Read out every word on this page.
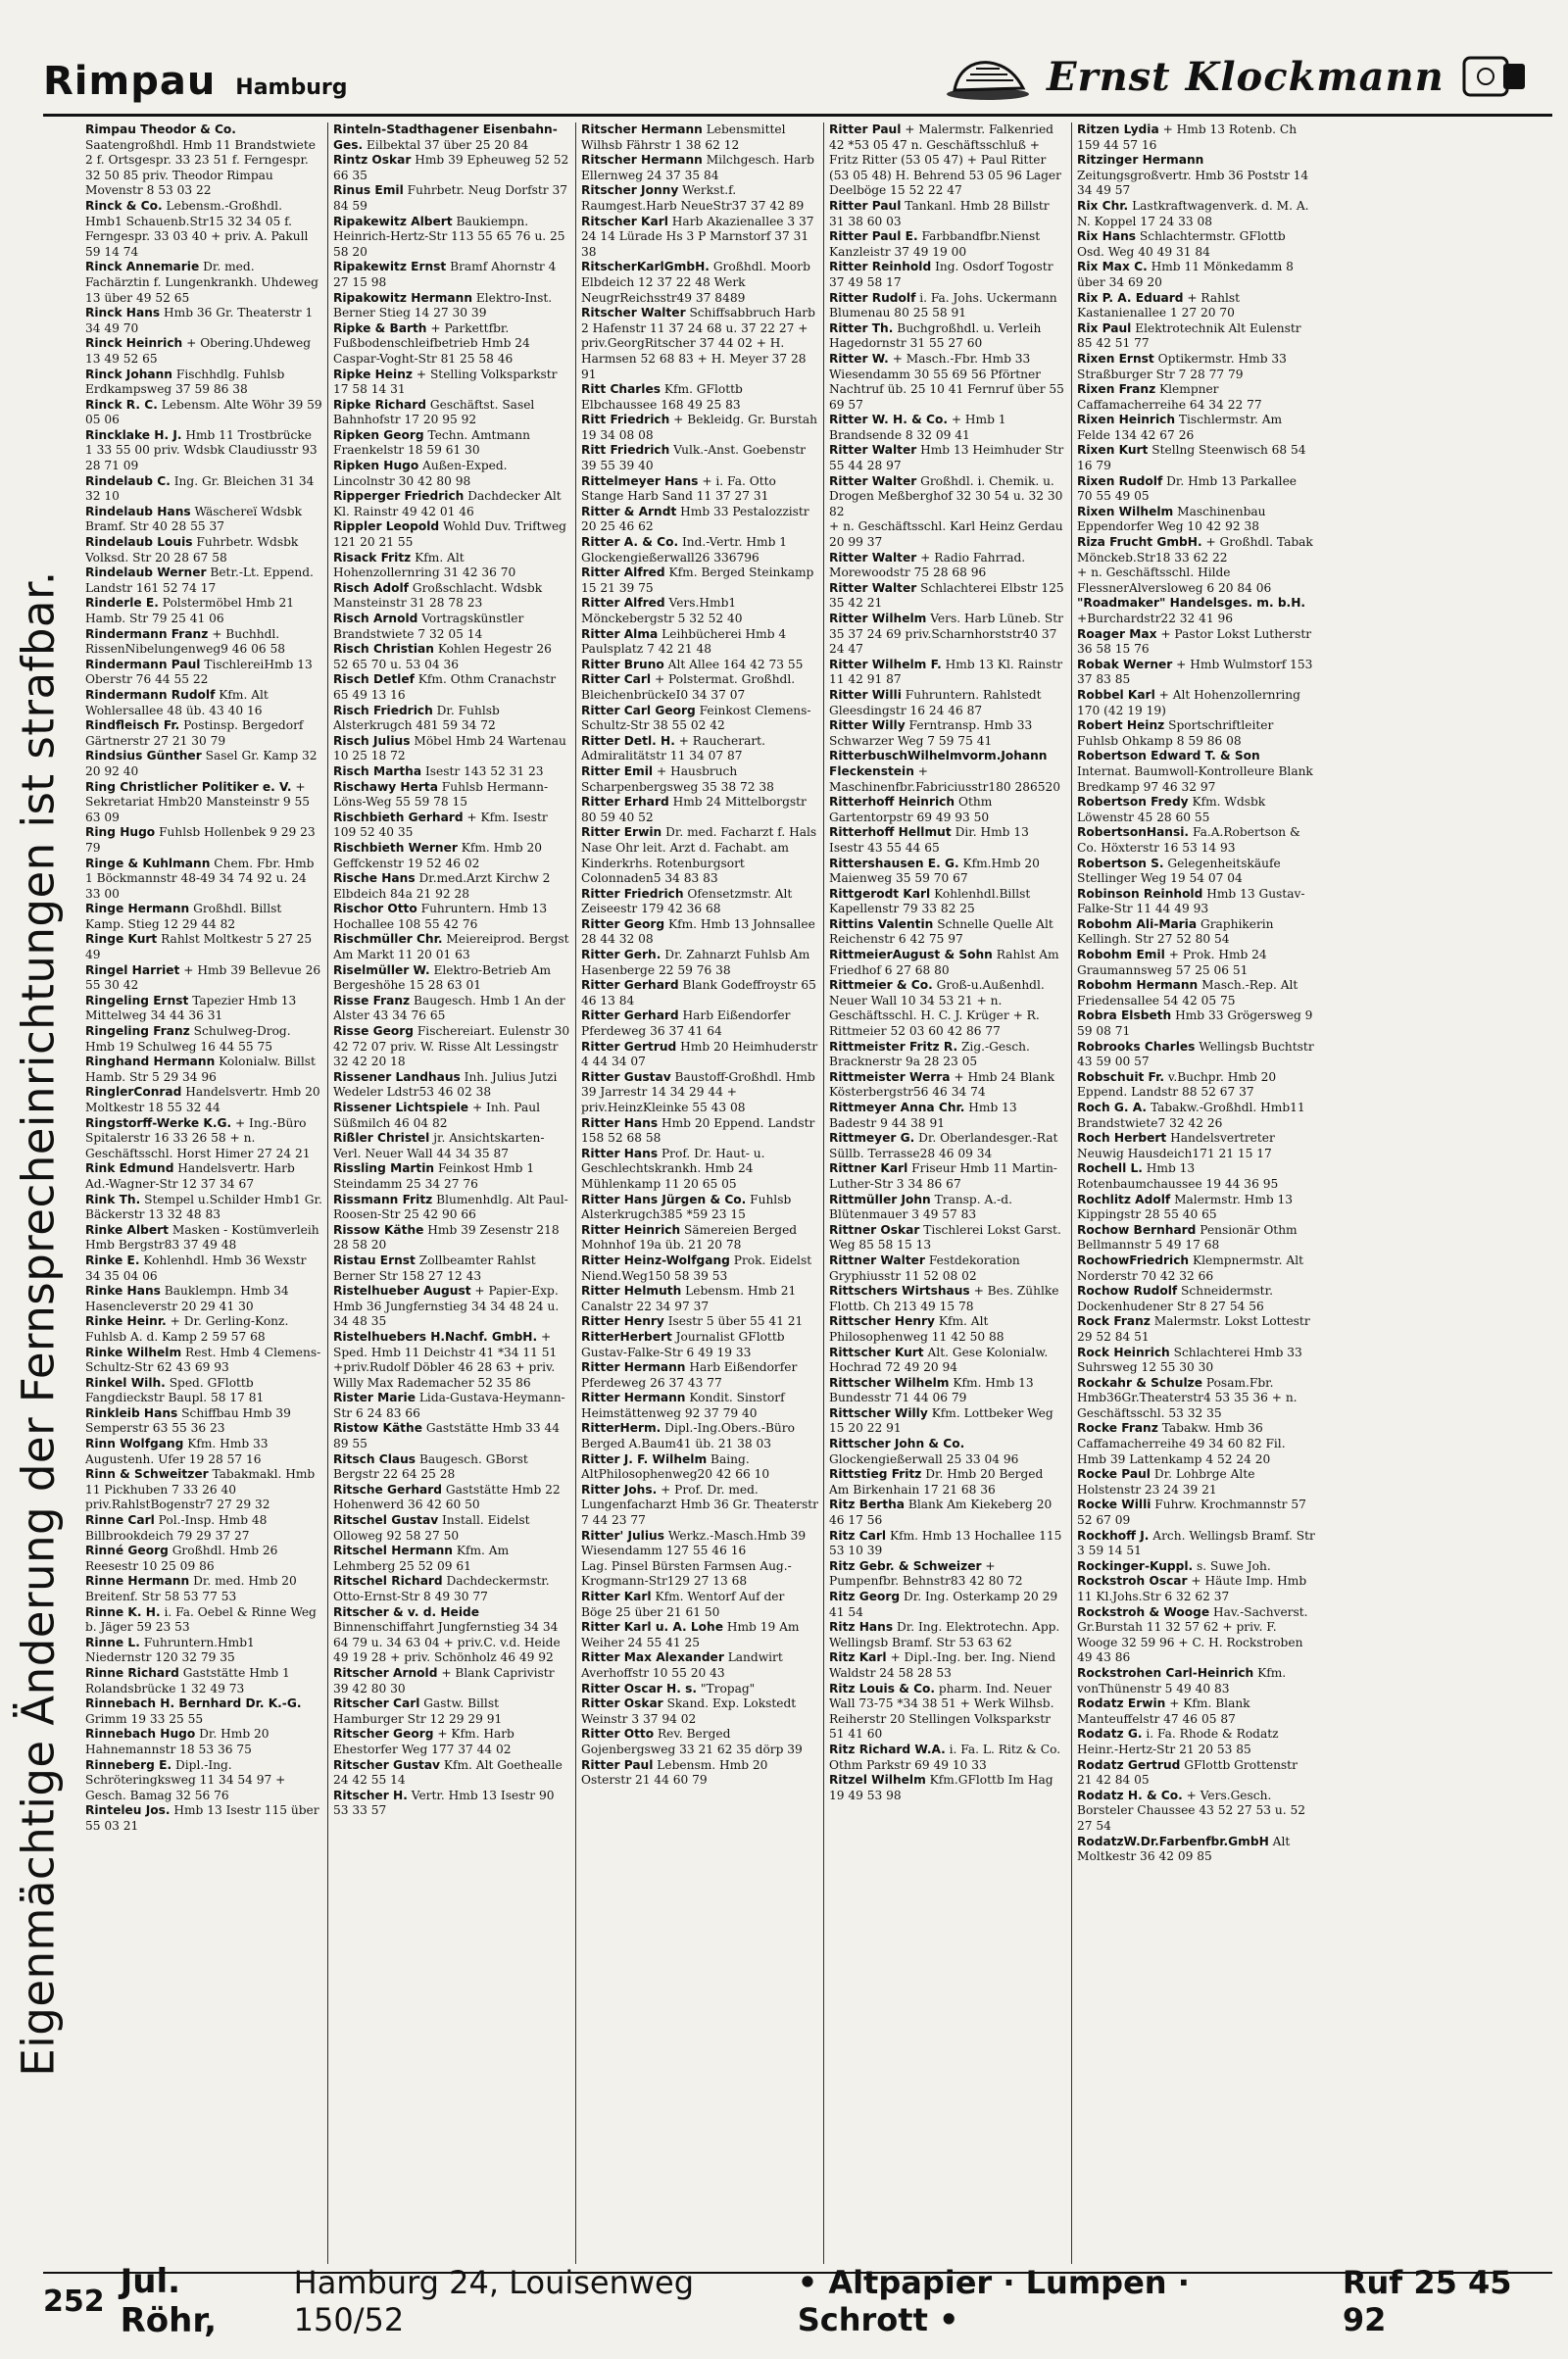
Rimpau Hamburg	Ernst Klockmann
Eigenmächtige Änderung der Fernsprecheinrichtungen ist strafbar.

Rimpau Theodor & Co. Saatengroßhdl. Hmb 11 Brandstwiete 2 f. Ortsgespr. 33 23 51 f. Ferngespr. 32 50 85 priv. Theodor Rimpau Movenstr 8 53 03 22

Rinck & Co. Lebensm.-Großhdl. Hmb1 Schauenb.Str15 32 34 05 f. Ferngespr. 33 03 40 + priv. A. Pakull 59 14 74

Rinck Annemarie Dr. med. Fachärztin f. Lungenkrankh. Uhdeweg 13 über 49 52 65

Rinck Hans Hmb 36 Gr. Theaterstr 1 34 49 70

Rinck Heinrich + Obering.Uhdeweg 13 49 52 65

Rinck Johann Fischhdlg. Fuhlsb Erdkampsweg 37 59 86 38

Rinck R. C. Lebensm. Alte Wöhr 39 59 05 06

Rincklake H. J. Hmb 11 Trostbrücke 1 33 55 00 priv. Wdsbk Claudiusstr 93 28 71 09

Rindelaub C. Ing. Gr. Bleichen 31 34 32 10

Rindelaub Hans Wäschereï Wdsbk Bramf. Str 40 28 55 37

Rindelaub Louis Fuhrbetr. Wdsbk Volksd. Str 20 28 67 58

Rindelaub Werner Betr.-Lt. Eppend. Landstr 161 52 74 17

Rinderle E. Polstermöbel Hmb 21 Hamb. Str 79 25 41 06

Rindermann Franz + Buchhdl. RissenNibelungenweg9 46 06 58

Rindermann Paul TischlereiHmb 13 Oberstr 76 44 55 22

Rindermann Rudolf Kfm. Alt Wohlersallee 48 üb. 43 40 16

Rindfleisch Fr. Postinsp. Bergedorf Gärtnerstr 27 21 30 79

Rindsius Günther Sasel Gr. Kamp 32 20 92 40

Ring Christlicher Politiker e. V. + Sekretariat Hmb20 Mansteinstr 9 55 63 09

Ring Hugo Fuhlsb Hollenbek 9 29 23 79

Ringe & Kuhlmann Chem. Fbr. Hmb 1 Böckmannstr 48-49 34 74 92 u. 24 33 00

Ringe Hermann Großhdl. Billst Kamp. Stieg 12 29 44 82

Ringe Kurt Rahlst Moltkestr 5 27 25 49

Ringel Harriet + Hmb 39 Bellevue 26 55 30 42

Ringeling Ernst Tapezier Hmb 13 Mittelweg 34 44 36 31

Ringeling Franz Schulweg-Drog. Hmb 19 Schulweg 16 44 55 75

Ringhand Hermann Kolonialw. Billst Hamb. Str 5 29 34 96

RinglerConrad Handelsvertr. Hmb 20 Moltkestr 18 55 32 44

Ringstorff-Werke K.G. + Ing.-Büro Spitalerstr 16 33 26 58 + n. Geschäftsschl. Horst Himer 27 24 21

Rink Edmund Handelsvertr. Harb Ad.-Wagner-Str 12 37 34 67

Rink Th. Stempel u.Schilder Hmb1 Gr. Bäckerstr 13 32 48 83

Rinke Albert Masken - Kostümverleih Hmb Bergstr83 37 49 48

Rinke E. Kohlenhdl. Hmb 36 Wexstr 34 35 04 06

Rinke Hans Bauklempn. Hmb 34 Hasencleverstr 20 29 41 30

Rinke Heinr. + Dr. Gerling-Konz. Fuhlsb A. d. Kamp 2 59 57 68

Rinke Wilhelm Rest. Hmb 4 Clemens-Schultz-Str 62 43 69 93

Rinkel Wilh. Sped. GFlottb Fangdieckstr Baupl. 58 17 81

Rinkleib Hans Schiffbau Hmb 39 Semperstr 63 55 36 23

Rinn Wolfgang Kfm. Hmb 33 Augustenh. Ufer 19 28 57 16

Rinn & Schweitzer Tabakmakl. Hmb 11 Pickhuben 7 33 26 40 priv.RahlstBogenstr7 27 29 32

Rinne Carl Pol.-Insp. Hmb 48 Billbrookdeich 79 29 37 27

Rinné Georg Großhdl. Hmb 26 Reesestr 10 25 09 86

Rinne Hermann Dr. med. Hmb 20 Breitenf. Str 58 53 77 53

Rinne K. H. i. Fa. Oebel & Rinne Weg b. Jäger 59 23 53

Rinne L. Fuhruntern.Hmb1 Niedernstr 120 32 79 35

Rinne Richard Gaststätte Hmb 1 Rolandsbrücke 1 32 49 73

Rinnebach H. Bernhard Dr. K.-G. Grimm 19 33 25 55

Rinnebach Hugo Dr. Hmb 20 Hahnemannstr 18 53 36 75

Rinneberg E. Dipl.-Ing. Schröteringksweg 11 34 54 97 + Gesch. Bamag 32 56 76

Rinteleu Jos. Hmb 13 Isestr 115 über 55 03 21

Rinteln-Stadthagener Eisenbahn-Ges. Eilbektal 37 über 25 20 84

Rintz Oskar Hmb 39 Epheuweg 52 52 66 35

Rinus Emil Fuhrbetr. Neug Dorfstr 37 84 59

Ripakewitz Albert Baukiempn. Heinrich-Hertz-Str 113 55 65 76 u. 25 58 20

Ripakewitz Ernst Bramf Ahornstr 4 27 15 98

Ripakowitz Hermann Elektro-Inst. Berner Stieg 14 27 30 39

Ripke & Barth + Parkettfbr. Fußbodenschleifbetrieb Hmb 24 Caspar-Voght-Str 81 25 58 46

Ripke Heinz + Stelling Volksparkstr 17 58 14 31

Ripke Richard Geschäftst. Sasel Bahnhofstr 17 20 95 92

Ripken Georg Techn. Amtmann Fraenkelstr 18 59 61 30

Ripken Hugo Außen-Exped. Lincolnstr 30 42 80 98

Ripperger Friedrich Dachdecker Alt Kl. Rainstr 49 42 01 46

Rippler Leopold Wohld Duv. Triftweg 121 20 21 55

Risack Fritz Kfm. Alt Hohenzollernring 31 42 36 70

Risch Adolf Großschlacht. Wdsbk Mansteinstr 31 28 78 23

Risch Arnold Vortragskünstler Brandstwiete 7 32 05 14

Risch Christian Kohlen Hegestr 26 52 65 70 u. 53 04 36

Risch Detlef Kfm. Othm Cranachstr 65 49 13 16

Risch Friedrich Dr. Fuhlsb Alsterkrugch 481 59 34 72

Risch Julius Möbel Hmb 24 Wartenau 10 25 18 72

Risch Martha Isestr 143 52 31 23

Rischawy Herta Fuhlsb Hermann-Löns-Weg 55 59 78 15

Rischbieth Gerhard + Kfm. Isestr 109 52 40 35

Rischbieth Werner Kfm. Hmb 20 Geffckenstr 19 52 46 02

Rische Hans Dr.med.Arzt Kirchw 2 Elbdeich 84a 21 92 28

Rischor Otto Fuhruntern. Hmb 13 Hochallee 108 55 42 76

Rischmüller Chr. Meiereiprod. Bergst Am Markt 11 20 01 63

Riselmüller W. Elektro-Betrieb Am Bergeshöhe 15 28 63 01

Risse Franz Baugesch. Hmb 1 An der Alster 43 34 76 65

Risse Georg Fischereiart. Eulenstr 30 42 72 07 priv. W. Risse Alt Lessingstr 32 42 20 18

Rissener Landhaus Inh. Julius Jutzi Wedeler Ldstr53 46 02 38

Rissener Lichtspiele + Inh. Paul Süßmilch 46 04 82

Rißler Christel jr. Ansichtskarten-Verl. Neuer Wall 44 34 35 87

Rissling Martin Feinkost Hmb 1 Steindamm 25 34 27 76

Rissmann Fritz Blumenhdlg. Alt Paul-Roosen-Str 25 42 90 66

Rissow Käthe Hmb 39 Zesenstr 218 28 58 20

Ristau Ernst Zollbeamter Rahlst Berner Str 158 27 12 43

Ristelhueber August + Papier-Exp. Hmb 36 Jungfernstieg 34 34 48 24 u. 34 48 35

Ristelhuebers H.Nachf. GmbH. + Sped. Hmb 11 Deichstr 41 *34 11 51

+priv.Rudolf Döbler 46 28 63 + priv. Willy Max Rademacher 52 35 86

Rister Marie Lida-Gustava-Heymann-Str 6 24 83 66

Ristow Käthe Gaststätte Hmb 33 44 89 55

Ritsch Claus Baugesch. GBorst Bergstr 22 64 25 28

Ritsche Gerhard Gaststätte Hmb 22 Hohenwerd 36 42 60 50

Ritschel Gustav Install. Eidelst Olloweg 92 58 27 50

Ritschel Hermann Kfm. Am Lehmberg 25 52 09 61

Ritschel Richard Dachdeckermstr. Otto-Ernst-Str 8 49 30 77

Ritscher & v. d. Heide Binnenschiffahrt Jungfernstieg 34 34 64 79 u. 34 63 04 + priv.C. v.d. Heide 49 19 28 + priv. Schönholz 46 49 92

Ritscher Arnold + Blank Caprivistr 39 42 80 30

Ritscher Carl Gastw. Billst Hamburger Str 12 29 29 91

Ritscher Georg + Kfm. Harb Ehestorfer Weg 177 37 44 02

Ritscher Gustav Kfm. Alt Goethealle 24 42 55 14

Ritscher H. Vertr. Hmb 13 Isestr 90 53 33 57

Ritscher Hermann Lebensmittel Wilhsb Fährstr 1 38 62 12

Ritscher Hermann Milchgesch. Harb Ellernweg 24 37 35 84

Ritscher Jonny Werkst.f. Raumgest.Harb NeueStr37 37 42 89

Ritscher Karl Harb Akazienallee 3 37 24 14 Lürade Hs 3 P Marnstorf 37 31 38

RitscherKarlGmbH. Großhdl. Moorb Elbdeich 12 37 22 48 Werk NeugrReichsstr49 37 8489

Ritscher Walter Schiffsabbruch Harb 2 Hafenstr 11 37 24 68 u. 37 22 27 + priv.GeorgRitscher 37 44 02 + H. Harmsen 52 68 83 + H. Meyer 37 28 91

Ritt Charles Kfm. GFlottb Elbchaussee 168 49 25 83

Ritt Friedrich + Bekleidg. Gr. Burstah 19 34 08 08

Ritt Friedrich Vulk.-Anst. Goebenstr 39 55 39 40

Rittelmeyer Hans + i. Fa. Otto Stange Harb Sand 11 37 27 31

Ritter & Arndt Hmb 33 Pestalozzistr 20 25 46 62

Ritter A. & Co. Ind.-Vertr. Hmb 1 Glockengießerwall26 336796

Ritter Alfred Kfm. Berged Steinkamp 15 21 39 75

Ritter Alfred Vers.Hmb1 Mönckebergstr 5 32 52 40

Ritter Alma Leihbücherei Hmb 4 Paulsplatz 7 42 21 48

Ritter Bruno Alt Allee 164 42 73 55

Ritter Carl + Polstermat. Großhdl. BleichenbrückeI0 34 37 07

Ritter Carl Georg Feinkost Clemens-Schultz-Str 38 55 02 42

Ritter Detl. H. + Raucherart. Admiralitätstr 11 34 07 87

Ritter Emil + Hausbruch Scharpenbergsweg 35 38 72 38

Ritter Erhard Hmb 24 Mittelborgstr 80 59 40 52

Ritter Erwin Dr. med. Facharzt f. Hals Nase Ohr leit. Arzt d. Fachabt. am Kinderkrhs. Rotenburgsort Colonnaden5 34 83 83

Ritter Friedrich Ofensetzmstr. Alt Zeiseestr 179 42 36 68

Ritter Georg Kfm. Hmb 13 Johnsallee 28 44 32 08

Ritter Gerh. Dr. Zahnarzt Fuhlsb Am Hasenberge 22 59 76 38

Ritter Gerhard Blank Godeffroystr 65 46 13 84

Ritter Gerhard Harb Eißendorfer Pferdeweg 36 37 41 64

Ritter Gertrud Hmb 20 Heimhuderstr 4 44 34 07

Ritter Gustav Baustoff-Großhdl. Hmb 39 Jarrestr 14 34 29 44 + priv.HeinzKleinke 55 43 08

Ritter Hans Hmb 20 Eppend. Landstr 158 52 68 58

Ritter Hans Prof. Dr. Haut- u. Geschlechtskrankh. Hmb 24 Mühlenkamp 11 20 65 05

Ritter Hans Jürgen & Co. Fuhlsb Alsterkrugch385 *59 23 15

Ritter Heinrich Sämereien Berged Mohnhof 19a üb. 21 20 78

Ritter Heinz-Wolfgang Prok. Eidelst Niend.Weg150 58 39 53

Ritter Helmuth Lebensm. Hmb 21 Canalstr 22 34 97 37

Ritter Henry Isestr 5 über 55 41 21

RitterHerbert Journalist GFlottb Gustav-Falke-Str 6 49 19 33

Ritter Hermann Harb Eißendorfer Pferdeweg 26 37 43 77

Ritter Hermann Kondit. Sinstorf Heimstättenweg 92 37 79 40

RitterHerm. Dipl.-Ing.Obers.-Büro Berged A.Baum41 üb. 21 38 03

Ritter J. F. Wilhelm Baing. AltPhilosophenweg20 42 66 10

Ritter Johs. + Prof. Dr. med. Lungenfacharzt Hmb 36 Gr. Theaterstr 7 44 23 77

Ritter' Julius Werkz.-Masch.Hmb 39 Wiesendamm 127 55 46 16

Lag. Pinsel Bürsten Farmsen Aug.-Krogmann-Str129 27 13 68

Ritter Karl Kfm. Wentorf Auf der Böge 25 über 21 61 50

Ritter Karl u. A. Lohe Hmb 19 Am Weiher 24 55 41 25

Ritter Max Alexander Landwirt Averhoffstr 10 55 20 43

Ritter Oscar H. s. "Tropag"

Ritter Oskar Skand. Exp. Lokstedt Weinstr 3 37 94 02

Ritter Otto Rev. Berged Gojenbergsweg 33 21 62 35 dörp 39

Ritter Paul Lebensm. Hmb 20 Osterstr 21 44 60 79

Ritter Paul + Malermstr. Falkenried 42 *53 05 47 n. Geschäftsschluß + Fritz Ritter (53 05 47) + Paul Ritter (53 05 48) H. Behrend 53 05 96 Lager Deelböge 15 52 22 47

Ritter Paul Tankanl. Hmb 28 Billstr 31 38 60 03

Ritter Paul E. Farbbandfbr.Nienst Kanzleistr 37 49 19 00

Ritter Reinhold Ing. Osdorf Togostr 37 49 58 17

Ritter Rudolf i. Fa. Johs. Uckermann Blumenau 80 25 58 91

Ritter Th. Buchgroßhdl. u. Verleih Hagedornstr 31 55 27 60

Ritter W. + Masch.-Fbr. Hmb 33 Wiesendamm 30 55 69 56 Pförtner Nachtruf üb. 25 10 41 Fernruf über 55 69 57

Ritter W. H. & Co. + Hmb 1 Brandsende 8 32 09 41

Ritter Walter Hmb 13 Heimhuder Str 55 44 28 97

Ritter Walter Großhdl. i. Chemik. u. Drogen Meßberghof 32 30 54 u. 32 30 82

+ n. Geschäftsschl. Karl Heinz Gerdau 20 99 37

Ritter Walter + Radio Fahrrad. Morewoodstr 75 28 68 96

Ritter Walter Schlachterei Elbstr 125 35 42 21

Ritter Wilhelm Vers. Harb Lüneb. Str 35 37 24 69 priv.Scharnhorststr40 37 24 47

Ritter Wilhelm F. Hmb 13 Kl. Rainstr 11 42 91 87

Ritter Willi Fuhruntern. Rahlstedt Gleesdingstr 16 24 46 87

Ritter Willy Ferntransp. Hmb 33 Schwarzer Weg 7 59 75 41

RitterbuschWilhelmvorm.Johann Fleckenstein + Maschinenfbr.Fabriciusstr180 286520

Ritterhoff Heinrich Othm Gartentorpstr 69 49 93 50

Ritterhoff Hellmut Dir. Hmb 13 Isestr 43 55 44 65

Rittershausen E. G. Kfm.Hmb 20 Maienweg 35 59 70 67

Rittgerodt Karl Kohlenhdl.Billst Kapellenstr 79 33 82 25

Rittins Valentin Schnelle Quelle Alt Reichenstr 6 42 75 97

RittmeierAugust & Sohn Rahlst Am Friedhof 6 27 68 80

Rittmeier & Co. Groß-u.Außenhdl. Neuer Wall 10 34 53 21 + n. Geschäftsschl. H. C. J. Krüger + R. Rittmeier 52 03 60 42 86 77

Rittmeister Fritz R. Zig.-Gesch. Bracknerstr 9a 28 23 05

Rittmeister Werra + Hmb 24 Blank Kösterbergstr56 46 34 74

Rittmeyer Anna Chr. Hmb 13 Badestr 9 44 38 91

Rittmeyer G. Dr. Oberlandesger.-Rat Süllb. Terrasse28 46 09 34

Rittner Karl Friseur Hmb 11 Martin-Luther-Str 3 34 86 67

Rittmüller John Transp. A.-d. Blütenmauer 3 49 57 83

Rittner Oskar Tischlerei Lokst Garst. Weg 85 58 15 13

Rittner Walter Festdekoration Gryphiusstr 11 52 08 02

Rittschers Wirtshaus + Bes. Zühlke Flottb. Ch 213 49 15 78

Rittscher Henry Kfm. Alt Philosophenweg 11 42 50 88

Rittscher Kurt Alt. Gese Kolonialw. Hochrad 72 49 20 94

Rittscher Wilhelm Kfm. Hmb 13 Bundesstr 71 44 06 79

Rittscher Willy Kfm. Lottbeker Weg 15 20 22 91

Rittscher John & Co. Glockengießerwall 25 33 04 96

Rittstieg Fritz Dr. Hmb 20 Berged Am Birkenhain 17 21 68 36

Ritz Bertha Blank Am Kiekeberg 20 46 17 56

Ritz Carl Kfm. Hmb 13 Hochallee 115 53 10 39

Ritz Gebr. & Schweizer + Pumpenfbr. Behnstr83 42 80 72

Ritz Georg Dr. Ing. Osterkamp 20 29 41 54

Ritz Hans Dr. Ing. Elektrotechn. App. Wellingsb Bramf. Str 53 63 62

Ritz Karl + Dipl.-Ing. ber. Ing. Niend Waldstr 24 58 28 53

Ritz Louis & Co. pharm. Ind. Neuer Wall 73-75 *34 38 51 + Werk Wilhsb. Reiherstr 20 Stellingen Volksparkstr 51 41 60

Ritz Richard W.A. i. Fa. L. Ritz & Co. Othm Parkstr 69 49 10 33

Ritzel Wilhelm Kfm.GFlottb Im Hag 19 49 53 98

Ritzen Lydia + Hmb 13 Rotenb. Ch 159 44 57 16

Ritzinger Hermann Zeitungsgroßvertr. Hmb 36 Poststr 14 34 49 57

Rix Chr. Lastkraftwagenverk. d. M. A. N. Koppel 17 24 33 08

Rix Hans Schlachtermstr. GFlottb Osd. Weg 40 49 31 84

Rix Max C. Hmb 11 Mönkedamm 8 über 34 69 20

Rix P. A. Eduard + Rahlst Kastanienallee 1 27 20 70

Rix Paul Elektrotechnik Alt Eulenstr 85 42 51 77

Rixen Ernst Optikermstr. Hmb 33 Straßburger Str 7 28 77 79

Rixen Franz Klempner Caffamacherreihe 64 34 22 77

Rixen Heinrich Tischlermstr. Am Felde 134 42 67 26

Rixen Kurt Stellng Steenwisch 68 54 16 79

Rixen Rudolf Dr. Hmb 13 Parkallee 70 55 49 05

Rixen Wilhelm Maschinenbau Eppendorfer Weg 10 42 92 38

Riza Frucht GmbH. + Großhdl. Tabak Mönckeb.Str18 33 62 22

+ n. Geschäftsschl. Hilde FlessnerAlversloweg 6 20 84 06

"Roadmaker" Handelsges. m. b.H. +Burchardstr22 32 41 96

Roager Max + Pastor Lokst Lutherstr 36 58 15 76

Robak Werner + Hmb Wulmstorf 153 37 83 85

Robbel Karl + Alt Hohenzollernring 170 (42 19 19)

Robert Heinz Sportschriftleiter Fuhlsb Ohkamp 8 59 86 08

Robertson Edward T. & Son Internat. Baumwoll-Kontrolleure Blank Bredkamp 97 46 32 97

Robertson Fredy Kfm. Wdsbk Löwenstr 45 28 60 55

RobertsonHansi. Fa.A.Robertson & Co. Höxterstr 16 53 14 93

Robertson S. Gelegenheitskäufe Stellinger Weg 19 54 07 04

Robinson Reinhold Hmb 13 Gustav-Falke-Str 11 44 49 93

Robohm Ali-Maria Graphikerin Kellingh. Str 27 52 80 54

Robohm Emil + Prok. Hmb 24 Graumannsweg 57 25 06 51

Robohm Hermann Masch.-Rep. Alt Friedensallee 54 42 05 75

Robra Elsbeth Hmb 33 Grögersweg 9 59 08 71

Robrooks Charles Wellingsb Buchtstr 43 59 00 57

Robschuit Fr. v.Buchpr. Hmb 20 Eppend. Landstr 88 52 67 37

Roch G. A. Tabakw.-Großhdl. Hmb11 Brandstwiete7 32 42 26

Roch Herbert Handelsvertreter Neuwig Hausdeich171 21 15 17

Rochell L. Hmb 13 Rotenbaumchaussee 19 44 36 95

Rochlitz Adolf Malermstr. Hmb 13 Kippingstr 28 55 40 65

Rochow Bernhard Pensionär Othm Bellmannstr 5 49 17 68

RochowFriedrich Klempnermstr. Alt Norderstr 70 42 32 66

Rochow Rudolf Schneidermstr. Dockenhudener Str 8 27 54 56

Rock Franz Malermstr. Lokst Lottestr 29 52 84 51

Rock Heinrich Schlachterei Hmb 33 Suhrsweg 12 55 30 30

Rockahr & Schulze Posam.Fbr. Hmb36Gr.Theaterstr4 53 35 36 + n. Geschäftsschl. 53 32 35

Rocke Franz Tabakw. Hmb 36 Caffamacherreihe 49 34 60 82 Fil. Hmb 39 Lattenkamp 4 52 24 20

Rocke Paul Dr. Lohbrge Alte Holstenstr 23 24 39 21

Rocke Willi Fuhrw. Krochmannstr 57 52 67 09

Rockhoff J. Arch. Wellingsb Bramf. Str 3 59 14 51

Rockinger-Kuppl. s. Suwe Joh.

Rockstroh Oscar + Häute Imp. Hmb 11 Kl.Johs.Str 6 32 62 37

Rockstroh & Wooge Hav.-Sachverst. Gr.Burstah 11 32 57 62 + priv. F. Wooge 32 59 96 + C. H. Rockstroben 49 43 86

Rockstrohen Carl-Heinrich Kfm. vonThünenstr 5 49 40 83

Rodatz Erwin + Kfm. Blank Manteuffelstr 47 46 05 87

Rodatz G. i. Fa. Rhode & Rodatz Heinr.-Hertz-Str 21 20 53 85

Rodatz Gertrud GFlottb Grottenstr 21 42 84 05

Rodatz H. & Co. + Vers.Gesch. Borsteler Chaussee 43 52 27 53 u. 52 27 54

RodatzW.Dr.Farbenfbr.GmbH Alt Moltkestr 36 42 09 85

252 Jul. Röhr,
Hamburg 24, Louisenweg 150/52
• Altpapier · Lumpen · Schrott •
Ruf 25 45 92
